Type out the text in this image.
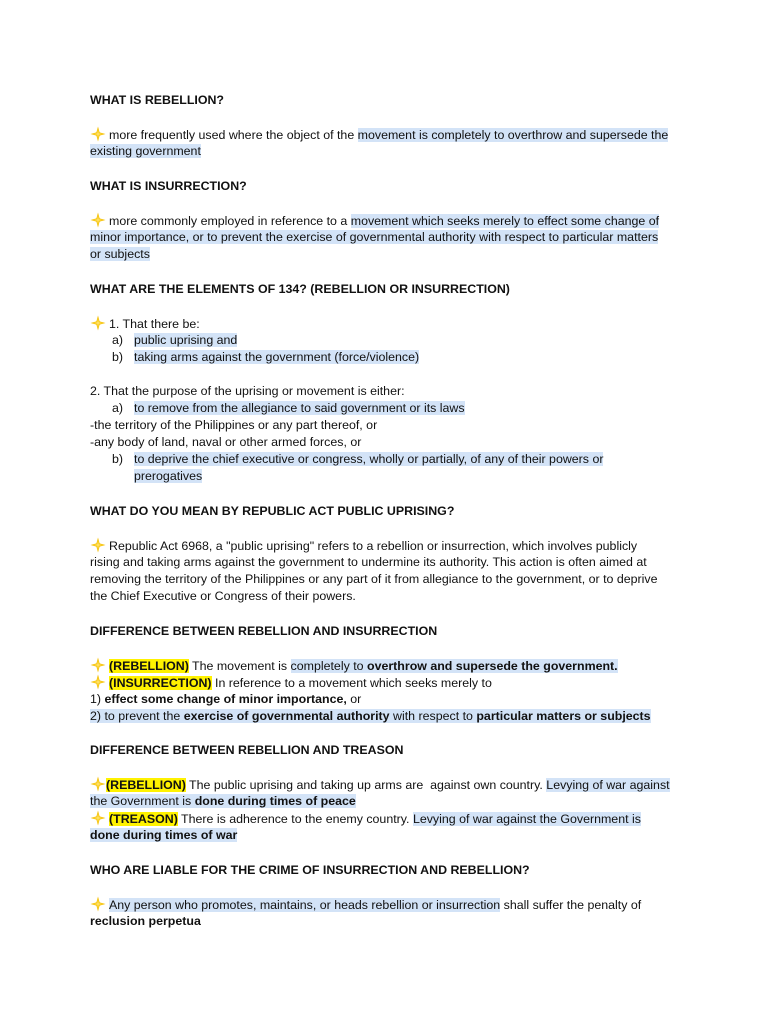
WHAT IS REBELLION?
more frequently used where the object of the movement is completely to overthrow and supersede the
existing government
WHAT IS INSURRECTION?
more commonly employed in reference to a movement which seeks merely to effect some change of
minor importance, or to prevent the exercise of governmental authority with respect to particular matters
or subjects
WHAT ARE THE ELEMENTS OF 134? (REBELLION OR INSURRECTION)
1. That there be:
a) public uprising and
b) taking arms against the government (force/violence)
2. That the purpose of the uprising or movement is either:
a) to remove from the allegiance to said government or its laws
-the territory of the Philippines or any part thereof, or
-any body of land, naval or other armed forces, or
b) to deprive the chief executive or congress, wholly or partially, of any of their powers or
prerogatives
WHAT DO YOU MEAN BY REPUBLIC ACT PUBLIC UPRISING?
Republic Act 6968, a "public uprising" refers to a rebellion or insurrection, which involves publicly
rising and taking arms against the government to undermine its authority. This action is often aimed at
removing the territory of the Philippines or any part of it from allegiance to the government, or to deprive
the Chief Executive or Congress of their powers.
DIFFERENCE BETWEEN REBELLION AND INSURRECTION
(REBELLION) The movement is completely to overthrow and supersede the government.
(INSURRECTION) In reference to a movement which seeks merely to
1) effect some change of minor importance, or
2) to prevent the exercise of governmental authority with respect to particular matters or subjects
DIFFERENCE BETWEEN REBELLION AND TREASON
(REBELLION) The public uprising and taking up arms are  against own country. Levying of war against
the Government is done during times of peace
(TREASON) There is adherence to the enemy country. Levying of war against the Government is
done during times of war
WHO ARE LIABLE FOR THE CRIME OF INSURRECTION AND REBELLION?
Any person who promotes, maintains, or heads rebellion or insurrection shall suffer the penalty of
reclusion perpetua
